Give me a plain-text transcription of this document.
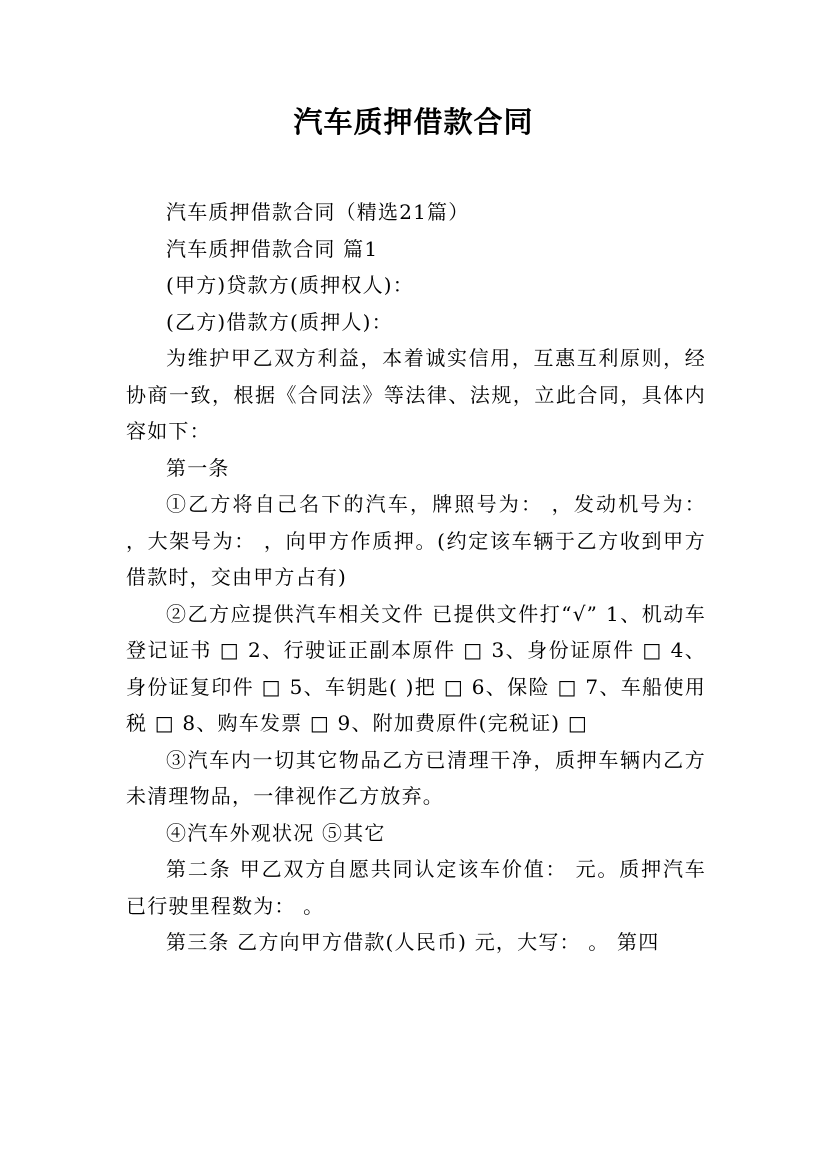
汽车质押借款合同

汽车质押借款合同（精选21篇）

汽车质押借款合同 篇1

(甲方)贷款方(质押权人)：

(乙方)借款方(质押人)：

为维护甲乙双方利益，本着诚实信用，互惠互利原则，经协商一致，根据《合同法》等法律、法规，立此合同，具体内容如下：

第一条

①乙方将自己名下的汽车，牌照号为： ，发动机号为： ，大架号为： ，向甲方作质押。(约定该车辆于乙方收到甲方借款时，交由甲方占有)

②乙方应提供汽车相关文件 已提供文件打“√” 1、机动车登记证书 □ 2、行驶证正副本原件 □ 3、身份证原件 □ 4、身份证复印件 □ 5、车钥匙( )把 □ 6、保险 □ 7、车船使用税 □ 8、购车发票 □ 9、附加费原件(完税证) □

③汽车内一切其它物品乙方已清理干净，质押车辆内乙方未清理物品，一律视作乙方放弃。

④汽车外观状况 ⑤其它

第二条 甲乙双方自愿共同认定该车价值： 元。质押汽车已行驶里程数为： 。

第三条 乙方向甲方借款(人民币) 元，大写： 。 第四
